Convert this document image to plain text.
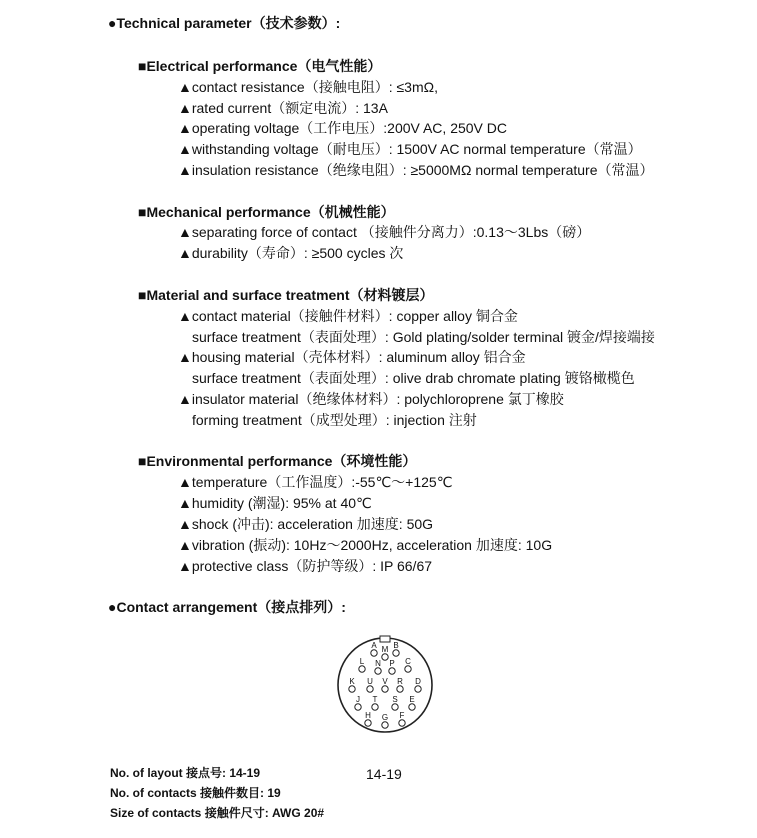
●Technical parameter（技术参数）:
■Electrical performance（电气性能）
▲contact resistance（接触电阻）: ≤3mΩ,
▲rated current（额定电流）: 13A
▲operating voltage（工作电压）:200V AC, 250V DC
▲withstanding voltage（耐电压）: 1500V AC normal temperature（常温）
▲insulation resistance（绝缘电阻）: ≥5000MΩ normal temperature（常温）
■Mechanical performance（机械性能）
▲separating force of contact （接触件分离力）:0.13～3Lbs（磅）
▲durability（寿命）: ≥500 cycles 次
■Material and surface treatment（材料镀层）
▲contact material（接触件材料）: copper alloy 铜合金
surface treatment（表面处理）: Gold plating/solder terminal 镀金/焊接端接
▲housing material（壳体材料）: aluminum alloy 铝合金
surface treatment（表面处理）: olive drab chromate plating 镀铬橄榄色
▲insulator material（绝缘体材料）: polychloroprene 氯丁橡胶
forming treatment（成型处理）: injection 注射
■Environmental performance（环境性能）
▲temperature（工作温度）:-55℃～+125℃
▲humidity (潮湿): 95% at 40℃
▲shock (冲击): acceleration 加速度: 50G
▲vibration (振动): 10Hz～2000Hz, acceleration 加速度: 10G
▲protective class（防护等级）: IP 66/67
●Contact arrangement（接点排列）:
A B
M
L N P C
K U V R D
J T S E
H G F
14-19
No. of layout 接点号: 14-19
No. of contacts 接触件数目: 19
Size of contacts 接触件尺寸: AWG 20#
